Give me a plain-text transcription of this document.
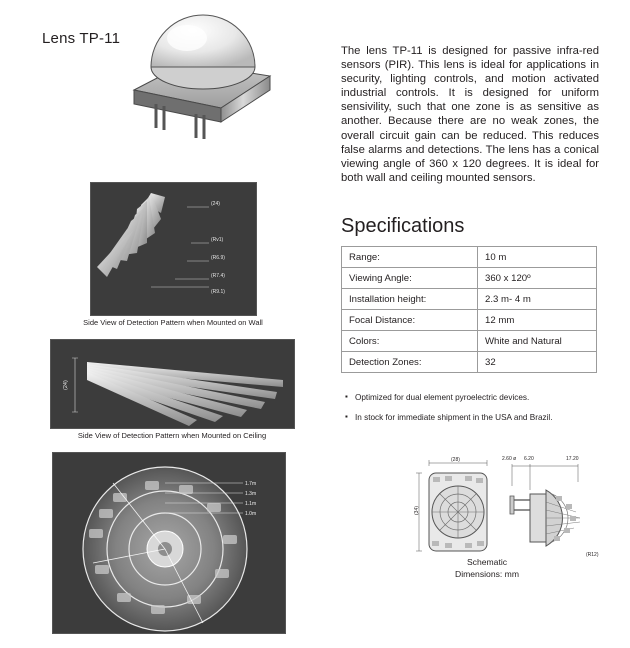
Lens TP-11
(24)
(Rv1)
(R6.9)
(R7.4)
(R9.1)
Side View of Detection Pattern when Mounted on Wall
(24)
Side View of Detection Pattern when Mounted on Ceiling
1.7m
1.3m
1.1m
1.0m
The lens TP-11 is designed for passive infra-red sensors (PIR). This lens is ideal for applications in security, lighting controls, and motion activated industrial controls. It is designed for uniform sensivility, such that one zone is as sensitive as another. Because there are no weak zones, the overall circuit gain can be reduced. This reduces false alarms and detections. The lens has a conical viewing angle of 360 x 120 degrees. It is ideal for both wall and ceiling mounted sensors.
Specifications
Range:	10 m
Viewing Angle:	360 x 120º
Installation height:	2.3 m- 4 m
Focal Distance:	12 mm
Colors:	White and Natural
Detection Zones:	32
▪ Optimized for dual element pyroelectric devices.
▪ In stock for immediate shipment in the USA and Brazil.
(28)
(34)
2.60 ø 6.20	17.20
(R12)
Schematic
Dimensions: mm
